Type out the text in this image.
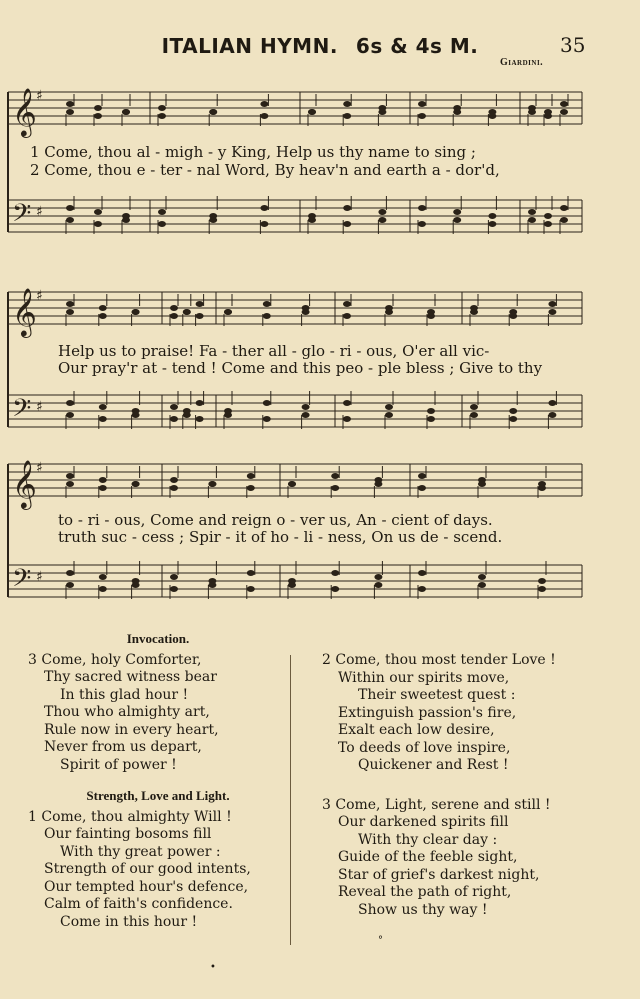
ITALIAN HYMN. 6s & 4s M.	35
Giardini.
𝄞
𝄢
♯
♯
1 Come, thou al - migh - y King, Help us thy name to sing ;
2 Come, thou e - ter - nal Word, By heav'n and earth a - dor'd,
𝄞
𝄢
♯
♯
Help us to praise! Fa - ther all - glo - ri - ous, O'er all vic-
Our pray'r at - tend ! Come and this peo - ple bless ; Give to thy
𝄞
𝄢
♯
♯
to - ri - ous, Come and reign o - ver us, An - cient of days.
truth suc - cess ; Spir - it of ho - li - ness, On us de - scend.
Invocation.
3 Come, holy Comforter,
Thy sacred witness bear
In this glad hour !
Thou who almighty art,
Rule now in every heart,
Never from us depart,
Spirit of power !
Strength, Love and Light.
1 Come, thou almighty Will !
Our fainting bosoms fill
With thy great power :
Strength of our good intents,
Our tempted hour's defence,
Calm of faith's confidence.
Come in this hour !
2 Come, thou most tender Love !
Within our spirits move,
Their sweetest quest :
Extinguish passion's fire,
Exalt each low desire,
To deeds of love inspire,
Quickener and Rest !
3 Come, Light, serene and still !
Our darkened spirits fill
With thy clear day :
Guide of the feeble sight,
Star of grief's darkest night,
Reveal the path of right,
Show us thy way !
°
•
